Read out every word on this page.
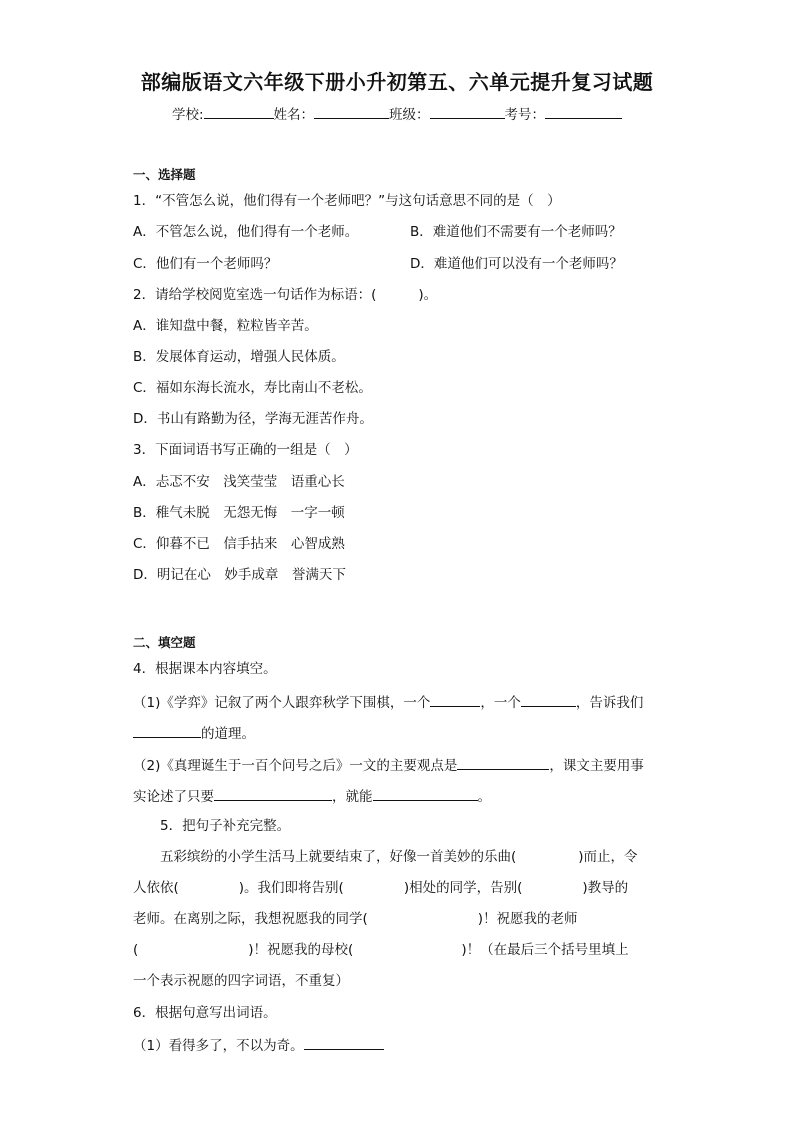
部编版语文六年级下册小升初第五、六单元提升复习试题
学校:	姓名：	班级：	考号：
一、选择题
1．“不管怎么说，他们得有一个老师吧？”与这句话意思不同的是（　）
A．不管怎么说，他们得有一个老师。	B．难道他们不需要有一个老师吗？
C．他们有一个老师吗？	D．难道他们可以没有一个老师吗？
2．请给学校阅览室选一句话作为标语：(	)。
A．谁知盘中餐，粒粒皆辛苦。
B．发展体育运动，增强人民体质。
C．福如东海长流水，寿比南山不老松。
D．书山有路勤为径，学海无涯苦作舟。
3．下面词语书写正确的一组是（　）
A．忐忑不安　浅笑莹莹　语重心长
B．稚气未脱　无怨无悔　一字一顿
C．仰暮不已　信手拈来　心智成熟
D．明记在心　妙手成章　誉满天下
二、填空题
4．根据课本内容填空。
（1)《学弈》记叙了两个人跟弈秋学下围棋，一个	，一个	，告诉我们
的道理。
（2)《真理诞生于一百个问号之后》一文的主要观点是	，课文主要用事
实论述了只要	，就能	。
5．把句子补充完整。
五彩缤纷的小学生活马上就要结束了，好像一首美妙的乐曲(	)而止，令
人依依(	)。我们即将告别(	)相处的同学，告别(	)教导的
老师。在离别之际，我想祝愿我的同学(	)！祝愿我的老师
(	)！祝愿我的母校(	)！（在最后三个括号里填上
一个表示祝愿的四字词语，不重复）
6．根据句意写出词语。
（1）看得多了，不以为奇。
